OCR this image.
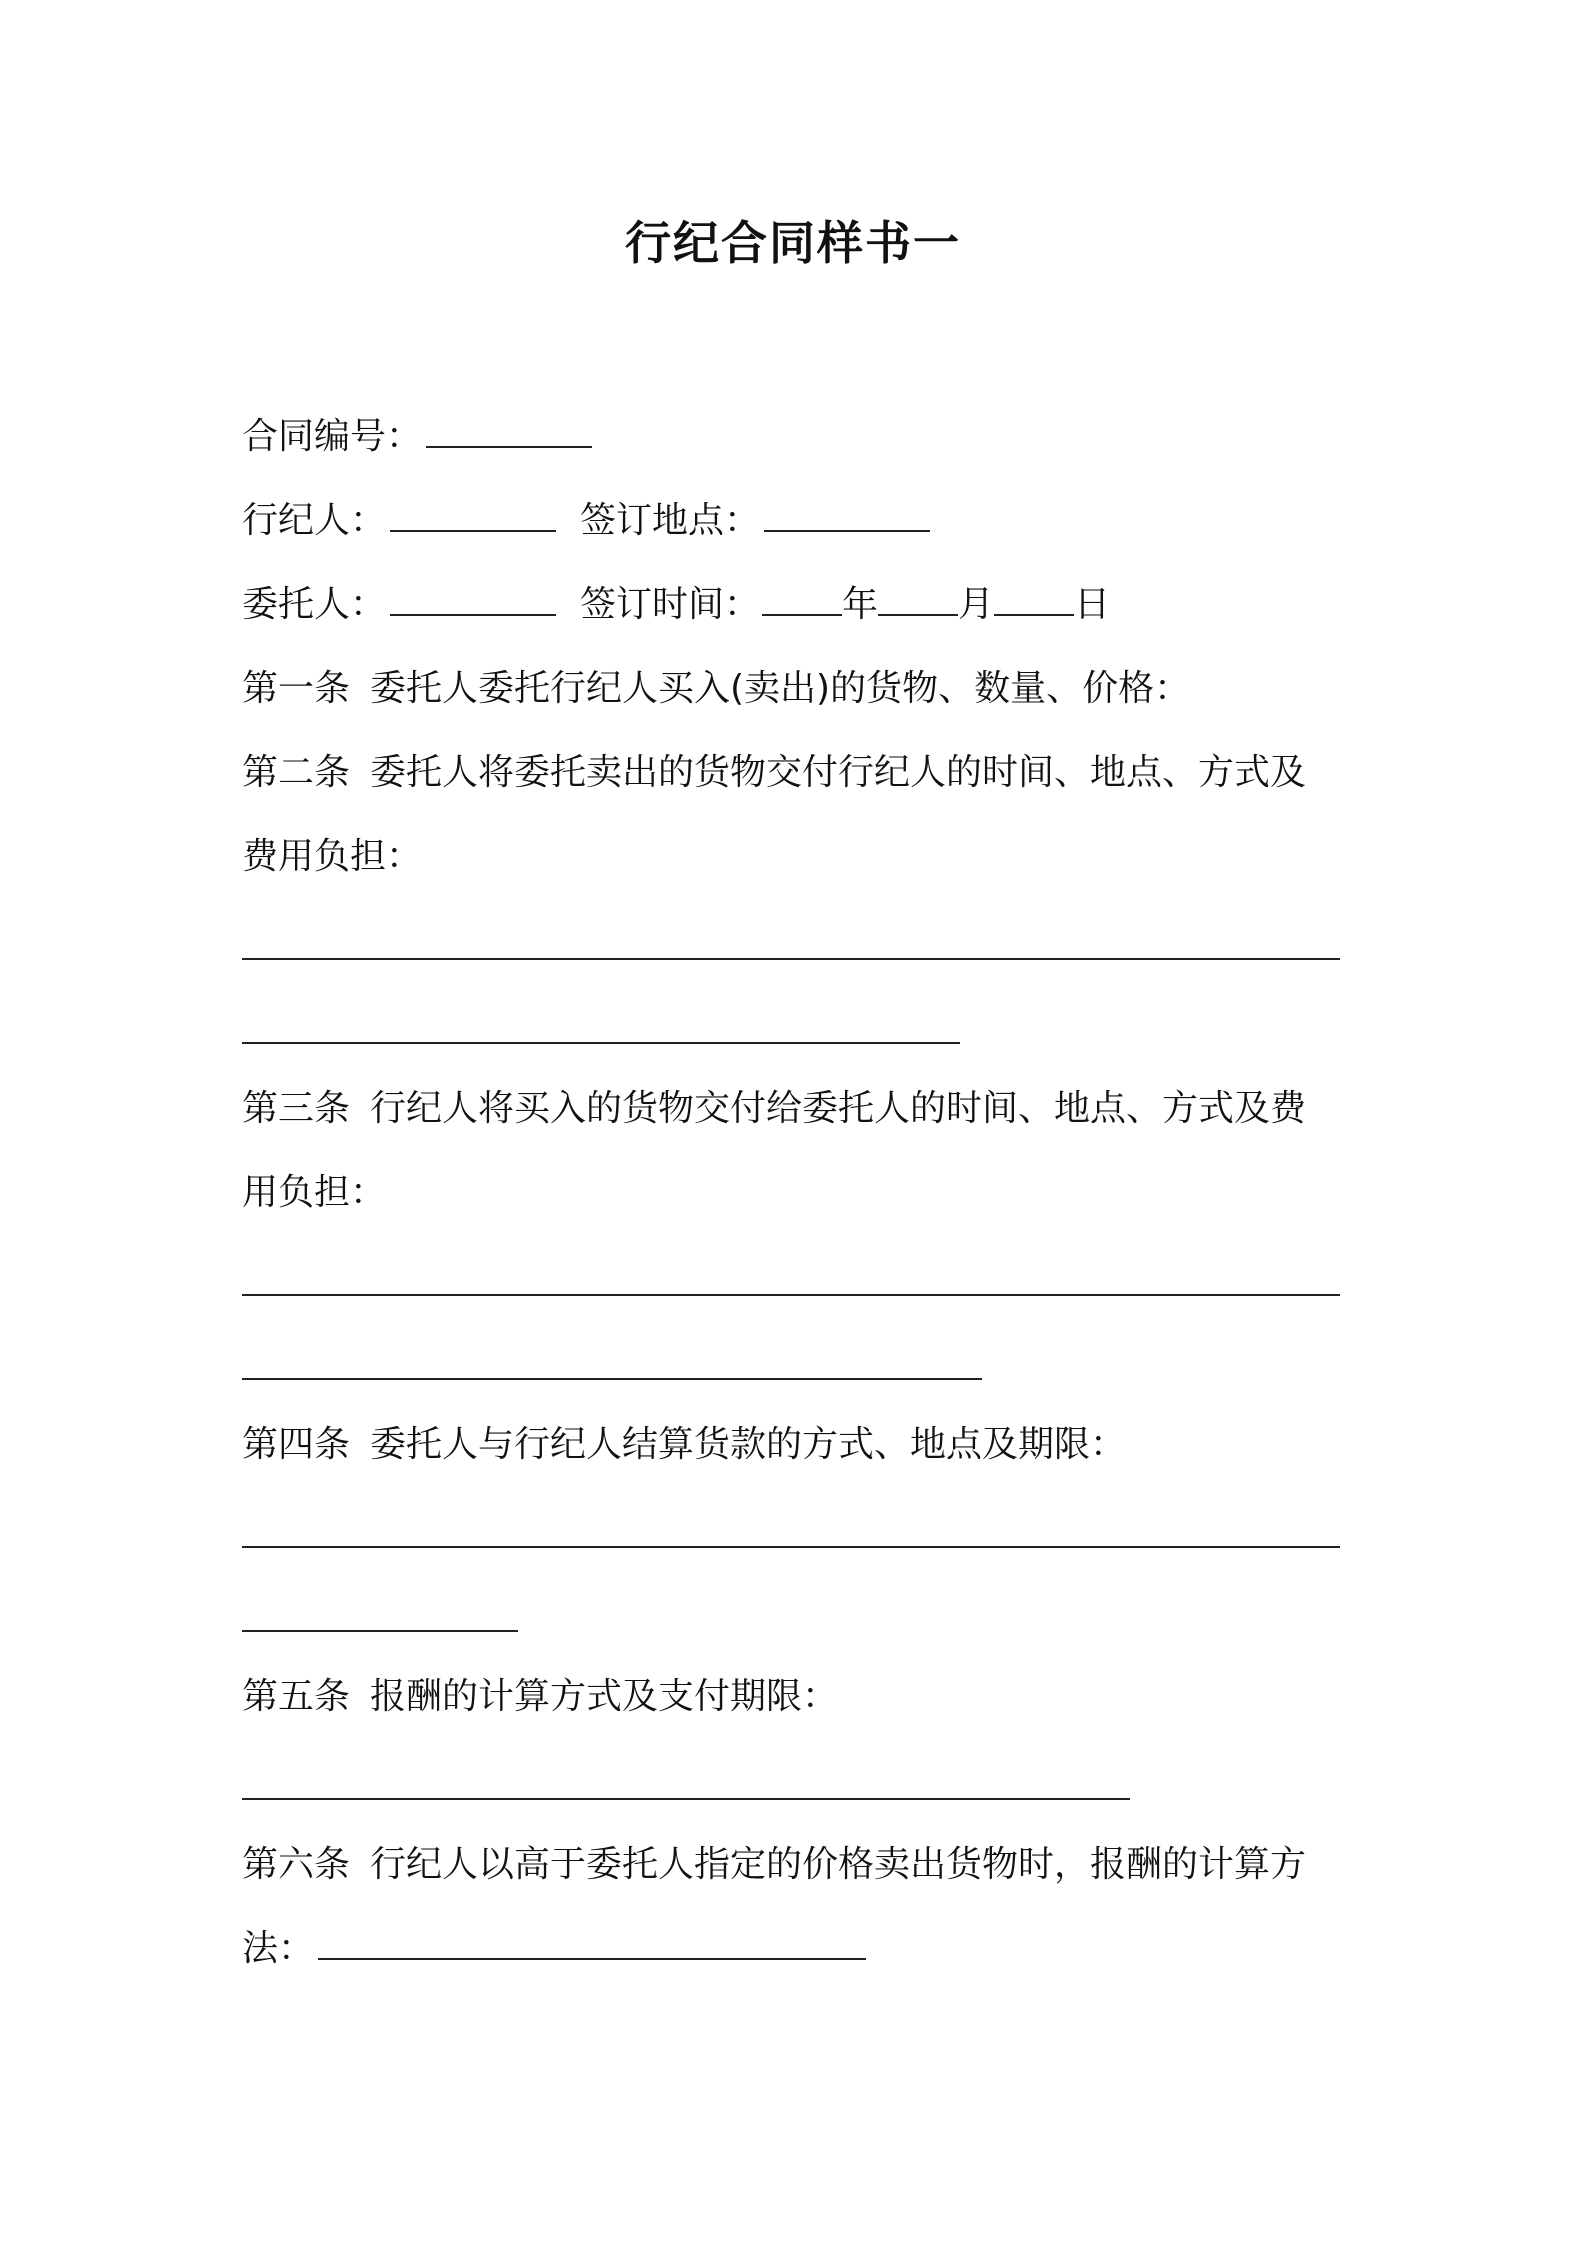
行纪合同样书一
合同编号：
行纪人：	签订地点：
委托人：	签订时间： 年 月 日
第一条 委托人委托行纪人买入(卖出)的货物、数量、价格：
第二条 委托人将委托卖出的货物交付行纪人的时间、地点、方式及
费用负担：
第三条 行纪人将买入的货物交付给委托人的时间、地点、方式及费
用负担：
第四条 委托人与行纪人结算货款的方式、地点及期限：
第五条 报酬的计算方式及支付期限：
第六条 行纪人以高于委托人指定的价格卖出货物时，报酬的计算方
法：
